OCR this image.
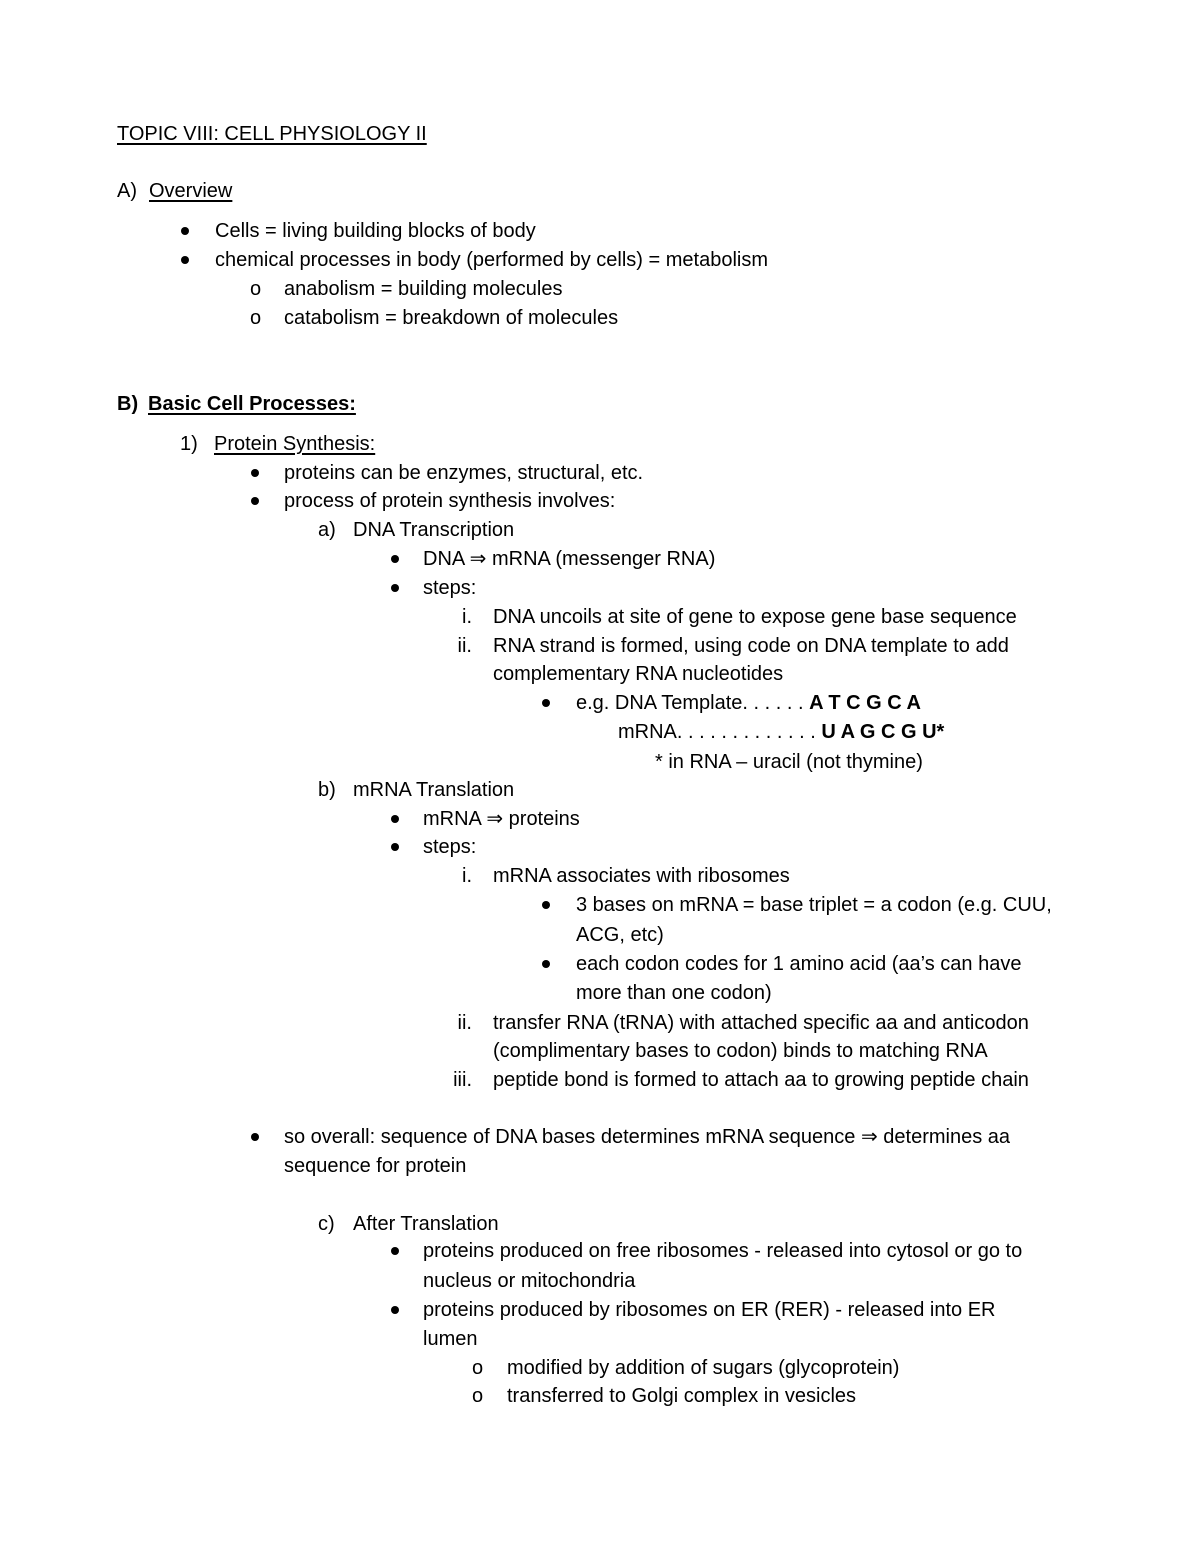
TOPIC VIII: CELL PHYSIOLOGY II
A) Overview
Cells = living building blocks of body
chemical processes in body (performed by cells) = metabolism
o anabolism = building molecules
o catabolism = breakdown of molecules
B) Basic Cell Processes:
1) Protein Synthesis:
proteins can be enzymes, structural, etc.
process of protein synthesis involves:
a) DNA Transcription
DNA ⇒ mRNA (messenger RNA)
steps:
i. DNA uncoils at site of gene to expose gene base sequence
ii. RNA strand is formed, using code on DNA template to add
complementary RNA nucleotides
e.g. DNA Template. . . . . . A T C G C A
mRNA. . . . . . . . . . . . . U A G C G U*
* in RNA – uracil (not thymine)
b) mRNA Translation
mRNA ⇒ proteins
steps:
i. mRNA associates with ribosomes
3 bases on mRNA = base triplet = a codon (e.g. CUU,
ACG, etc)
each codon codes for 1 amino acid (aa’s can have
more than one codon)
ii. transfer RNA (tRNA) with attached specific aa and anticodon
(complimentary bases to codon) binds to matching RNA
iii. peptide bond is formed to attach aa to growing peptide chain
so overall: sequence of DNA bases determines mRNA sequence ⇒ determines aa
sequence for protein
c) After Translation
proteins produced on free ribosomes - released into cytosol or go to
nucleus or mitochondria
proteins produced by ribosomes on ER (RER) - released into ER
lumen
o modified by addition of sugars (glycoprotein)
o transferred to Golgi complex in vesicles
